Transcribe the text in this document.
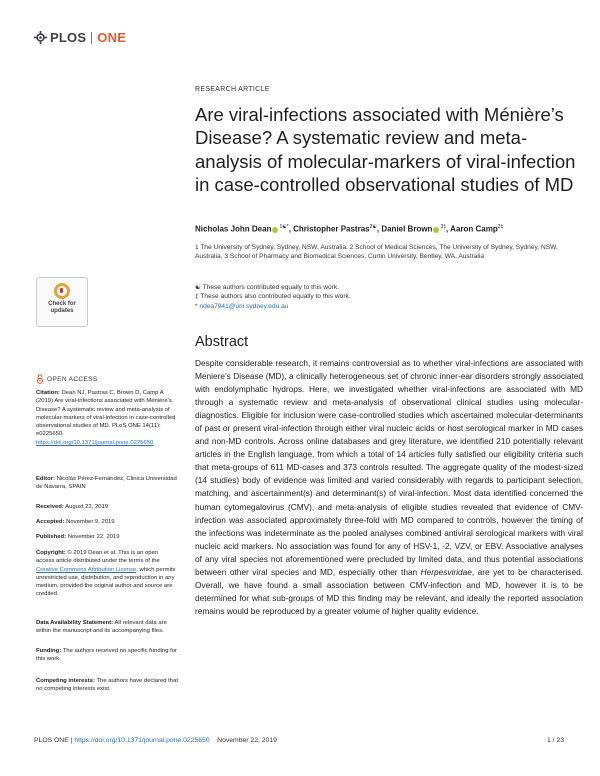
PLOS ONE
RESEARCH ARTICLE
Are viral-infections associated with Ménière’s Disease? A systematic review and meta-analysis of molecular-markers of viral-infection in case-controlled observational studies of MD
Nicholas John Dean $^{1☯*}$, Christopher Pastras$^{2☯}$, Daniel Brown $^{3\ddagger}$, Aaron Camp$^{2\ddagger}$
1 The University of Sydney, Sydney, NSW, Australia, 2 School of Medical Sciences, The University of Sydney, Sydney, NSW, Australia, 3 School of Pharmacy and Biomedical Sciences, Curtin University, Bentley, WA, Australia
☯ These authors contributed equally to this work.
‡ These authors also contributed equally to this work.
* ndea7941@uni.sydney.edu.au
Check for
updates
Abstract
Despite considerable research, it remains controversial as to whether viral-infections are associated with Meniere’s Disease (MD), a clinically heterogeneous set of chronic inner-ear disorders strongly associated with endolymphatic hydrops. Here, we investigated whether viral-infections are associated with MD through a systematic review and meta-analysis of observational clinical studies using molecular-diagnostics. Eligible for inclusion were case-controlled studies which ascertained molecular-determinants of past or present viral-infection through either viral nucleic acids or host serological marker in MD cases and non-MD controls. Across online databases and grey literature, we identified 210 potentially relevant articles in the English language, from which a total of 14 articles fully satisfied our eligibility criteria such that meta-groups of 611 MD-cases and 373 controls resulted. The aggregate quality of the modest-sized (14 studies) body of evidence was limited and varied considerably with regards to participant selection, matching, and ascertainment(s) and determinant(s) of viral-infection. Most data identified concerned the human cytomegalovirus (CMV), and meta-analysis of eligible studies revealed that evidence of CMV-infection was associated approximately three-fold with MD compared to controls, however the timing of the infections was indeterminate as the pooled analyses combined antiviral serological markers with viral nucleic acid markers. No association was found for any of HSV-1, -2, VZV, or EBV. Associative analyses of any viral species not aforementioned were precluded by limited data, and thus potential associations between other viral species and MD, especially other than Herpesviridae, are yet to be characterised. Overall, we have found a small association between CMV-infection and MD, however it is to be determined for what sub-groups of MD this finding may be relevant, and ideally the reported association remains would be reproduced by a greater volume of higher quality evidence.
OPEN ACCESS
Citation: Dean NJ, Pastras C, Brown D, Camp A (2019) Are viral-infections associated with Ménière’s Disease? A systematic review and meta-analysis of molecular-markers of viral-infection in case-controlled observational studies of MD. PLoS ONE 14(11): e0225650. https://doi.org/10.1371/journal.pone.0225650
Editor: Nicolás Pérez-Fernández, Clinica Universidad de Navarra, SPAIN
Received: August 22, 2019
Accepted: November 9, 2019
Published: November 22, 2019
Copyright: © 2019 Dean et al. This is an open access article distributed under the terms of the Creative Commons Attribution License, which permits unrestricted use, distribution, and reproduction in any medium, provided the original author and source are credited.
Data Availability Statement: All relevant data are within the manuscript and its accompanying files.
Funding: The authors received no specific funding for this work.
Competing interests: The authors have declared that no competing interests exist.
PLOS ONE | https://doi.org/10.1371/journal.pone.0225650 November 22, 2019	1 / 23
